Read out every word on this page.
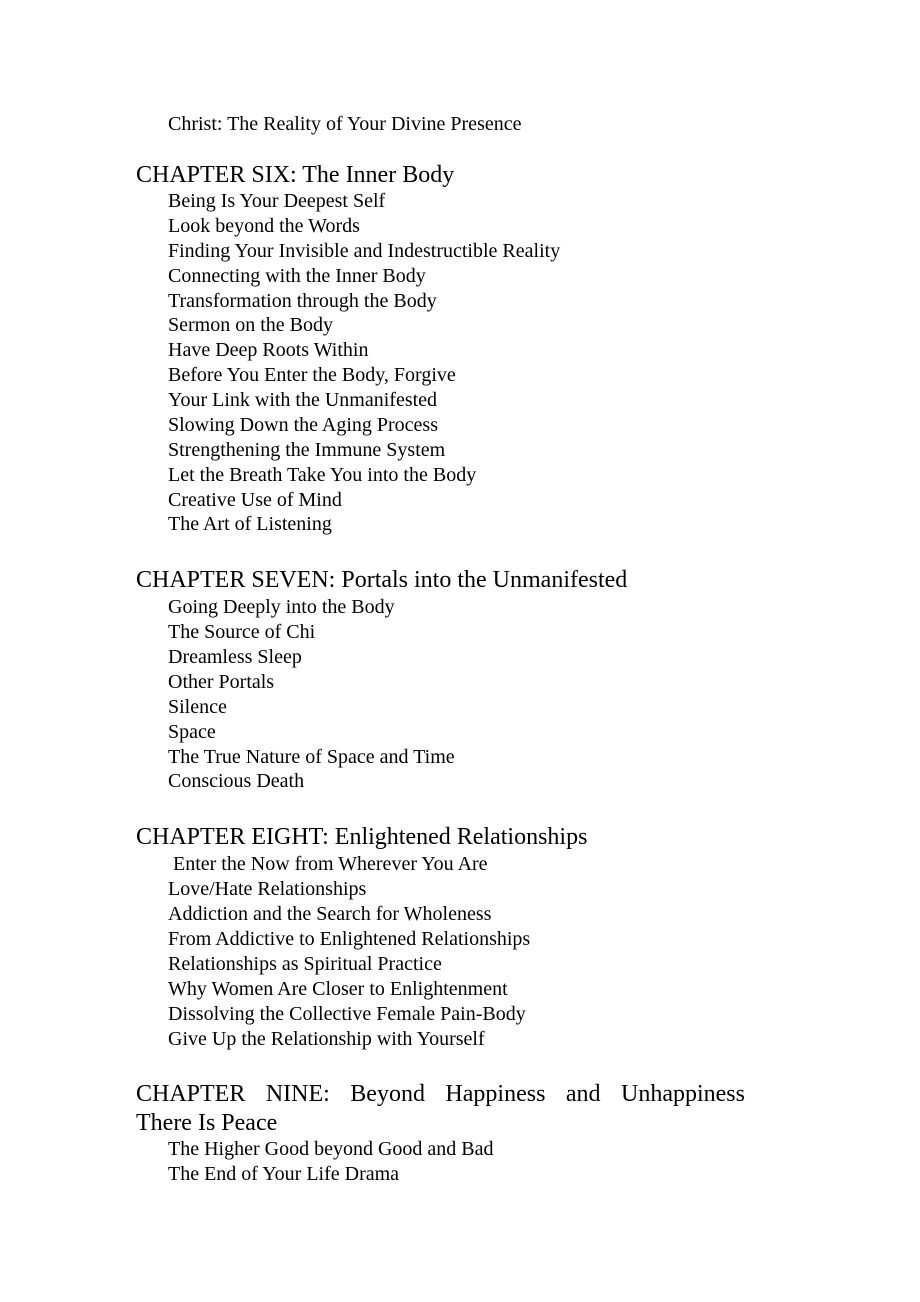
Christ: The Reality of Your Divine Presence
CHAPTER SIX: The Inner Body
Being Is Your Deepest Self
Look beyond the Words
Finding Your Invisible and Indestructible Reality
Connecting with the Inner Body
Transformation through the Body
Sermon on the Body
Have Deep Roots Within
Before You Enter the Body, Forgive
Your Link with the Unmanifested
Slowing Down the Aging Process
Strengthening the Immune System
Let the Breath Take You into the Body
Creative Use of Mind
The Art of Listening
CHAPTER SEVEN: Portals into the Unmanifested
Going Deeply into the Body
The Source of Chi
Dreamless Sleep
Other Portals
Silence
Space
The True Nature of Space and Time
Conscious Death
CHAPTER EIGHT: Enlightened Relationships
Enter the Now from Wherever You Are
Love/Hate Relationships
Addiction and the Search for Wholeness
From Addictive to Enlightened Relationships
Relationships as Spiritual Practice
Why Women Are Closer to Enlightenment
Dissolving the Collective Female Pain-Body
Give Up the Relationship with Yourself
CHAPTER NINE: Beyond Happiness and Unhappiness
There Is Peace
The Higher Good beyond Good and Bad
The End of Your Life Drama
